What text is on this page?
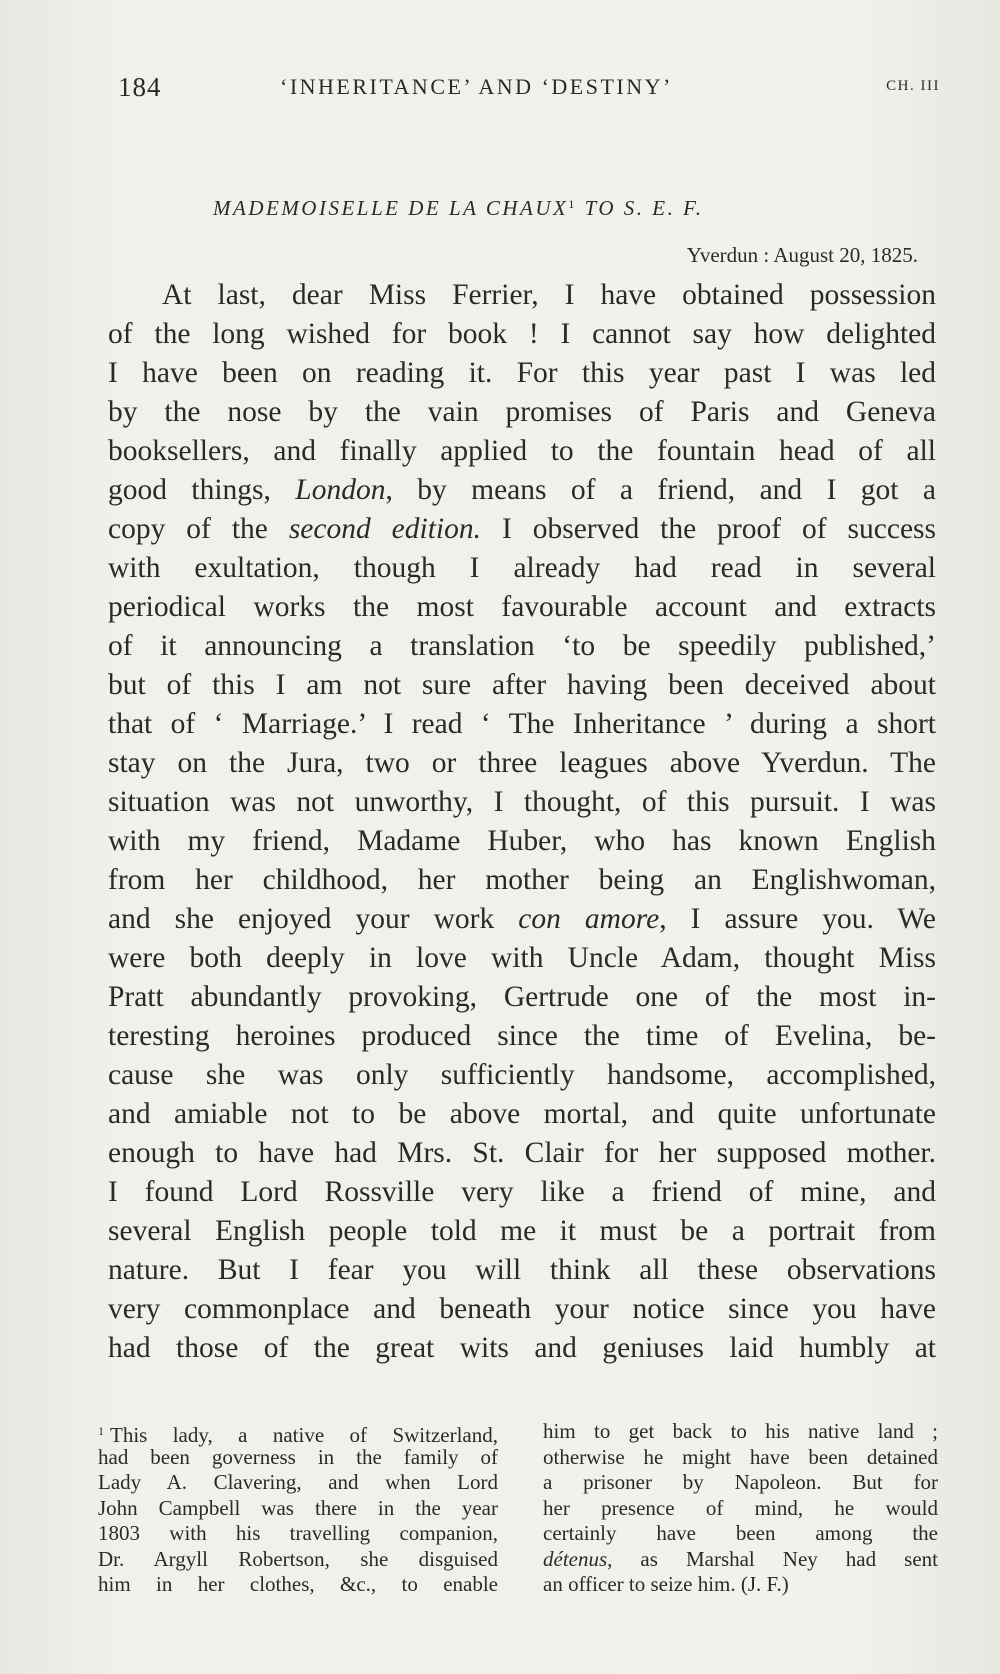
184	‘INHERITANCE’ AND ‘DESTINY’	CH. III
MADEMOISELLE DE LA CHAUX$^1$ TO S. E. F.
Yverdun : August 20, 1825.
At last, dear Miss Ferrier, I have obtained possession
of the long wished for book ! I cannot say how delighted
I have been on reading it. For this year past I was led
by the nose by the vain promises of Paris and Geneva
booksellers, and finally applied to the fountain head of all
good things, London, by means of a friend, and I got a
copy of the second edition. I observed the proof of success
with exultation, though I already had read in several
periodical works the most favourable account and extracts
of it announcing a translation ‘to be speedily published,’
but of this I am not sure after having been deceived about
that of ‘ Marriage.’ I read ‘ The Inheritance ’ during a short
stay on the Jura, two or three leagues above Yverdun. The
situation was not unworthy, I thought, of this pursuit. I was
with my friend, Madame Huber, who has known English
from her childhood, her mother being an Englishwoman,
and she enjoyed your work con amore, I assure you. We
were both deeply in love with Uncle Adam, thought Miss
Pratt abundantly provoking, Gertrude one of the most in-
teresting heroines produced since the time of Evelina, be-
cause she was only sufficiently handsome, accomplished,
and amiable not to be above mortal, and quite unfortunate
enough to have had Mrs. St. Clair for her supposed mother.
I found Lord Rossville very like a friend of mine, and
several English people told me it must be a portrait from
nature. But I fear you will think all these observations
very commonplace and beneath your notice since you have
had those of the great wits and geniuses laid humbly at
$^1$ This lady, a native of Switzerland,
had been governess in the family of
Lady A. Clavering, and when Lord
John Campbell was there in the year
1803 with his travelling companion,
Dr. Argyll Robertson, she disguised
him in her clothes, &c., to enable
him to get back to his native land ;
otherwise he might have been detained
a prisoner by Napoleon. But for
her presence of mind, he would
certainly have been among the
détenus, as Marshal Ney had sent
an officer to seize him. (J. F.)
